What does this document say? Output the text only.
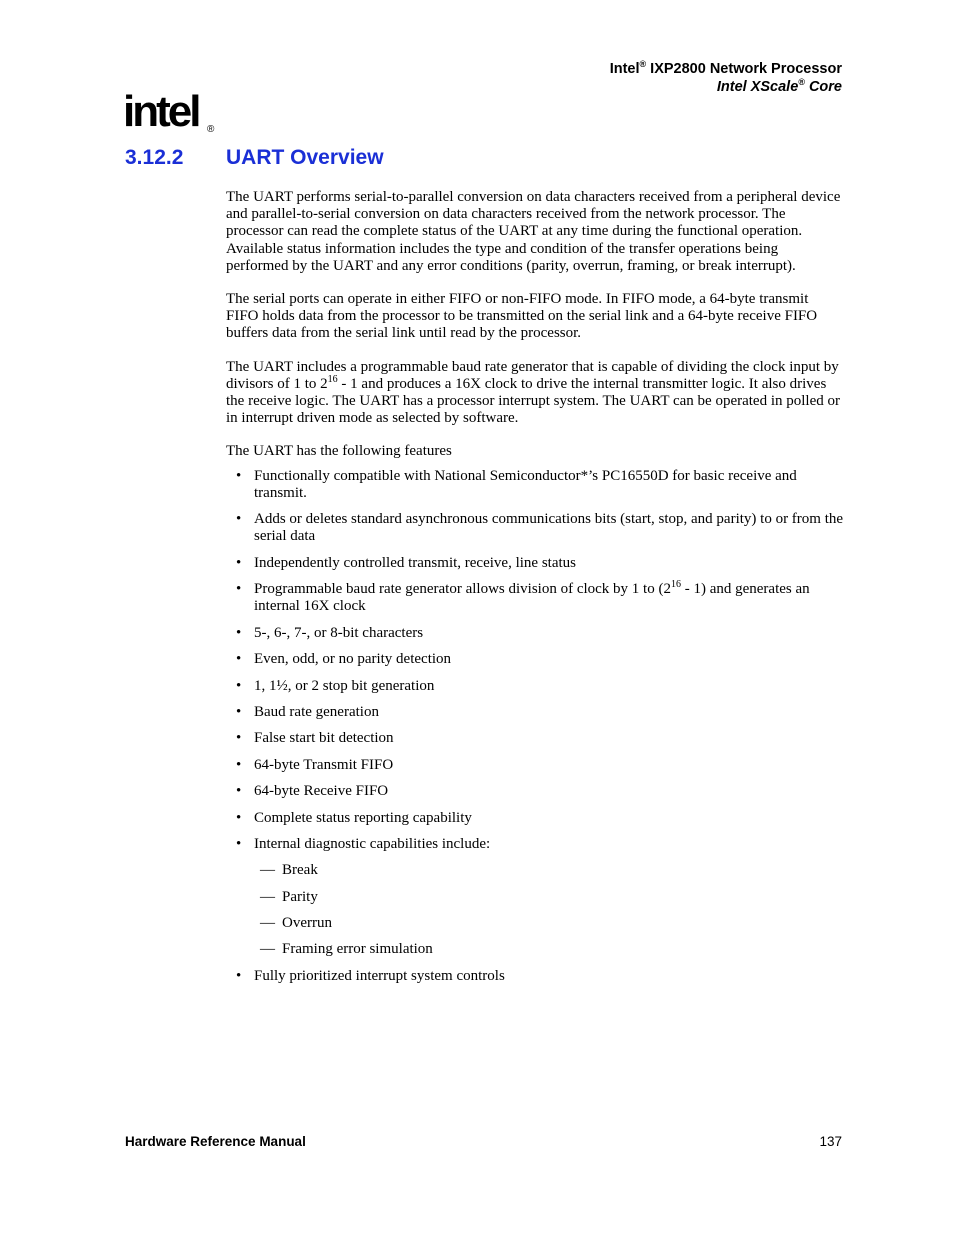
Intel® IXP2800 Network Processor
Intel XScale® Core
intel ®
3.12.2 UART Overview

The UART performs serial-to-parallel conversion on data characters received from a peripheral device and parallel-to-serial conversion on data characters received from the network processor. The processor can read the complete status of the UART at any time during the functional operation. Available status information includes the type and condition of the transfer operations being performed by the UART and any error conditions (parity, overrun, framing, or break interrupt).

The serial ports can operate in either FIFO or non-FIFO mode. In FIFO mode, a 64-byte transmit FIFO holds data from the processor to be transmitted on the serial link and a 64-byte receive FIFO buffers data from the serial link until read by the processor.

The UART includes a programmable baud rate generator that is capable of dividing the clock input by divisors of 1 to $2^{16} - 1$ and produces a 16X clock to drive the internal transmitter logic. It also drives the receive logic. The UART has a processor interrupt system. The UART can be operated in polled or in interrupt driven mode as selected by software.

The UART has the following features

• Functionally compatible with National Semiconductor*’s PC16550D for basic receive and transmit.
• Adds or deletes standard asynchronous communications bits (start, stop, and parity) to or from the serial data
• Independently controlled transmit, receive, line status
• Programmable baud rate generator allows division of clock by 1 to $(2^{16} - 1)$ and generates an internal 16X clock
• 5-, 6-, 7-, or 8-bit characters
• Even, odd, or no parity detection
• 1, 1½, or 2 stop bit generation
• Baud rate generation
• False start bit detection
• 64-byte Transmit FIFO
• 64-byte Receive FIFO
• Complete status reporting capability
• Internal diagnostic capabilities include:
— Break
— Parity
— Overrun
— Framing error simulation
• Fully prioritized interrupt system controls
Hardware Reference Manual	137
